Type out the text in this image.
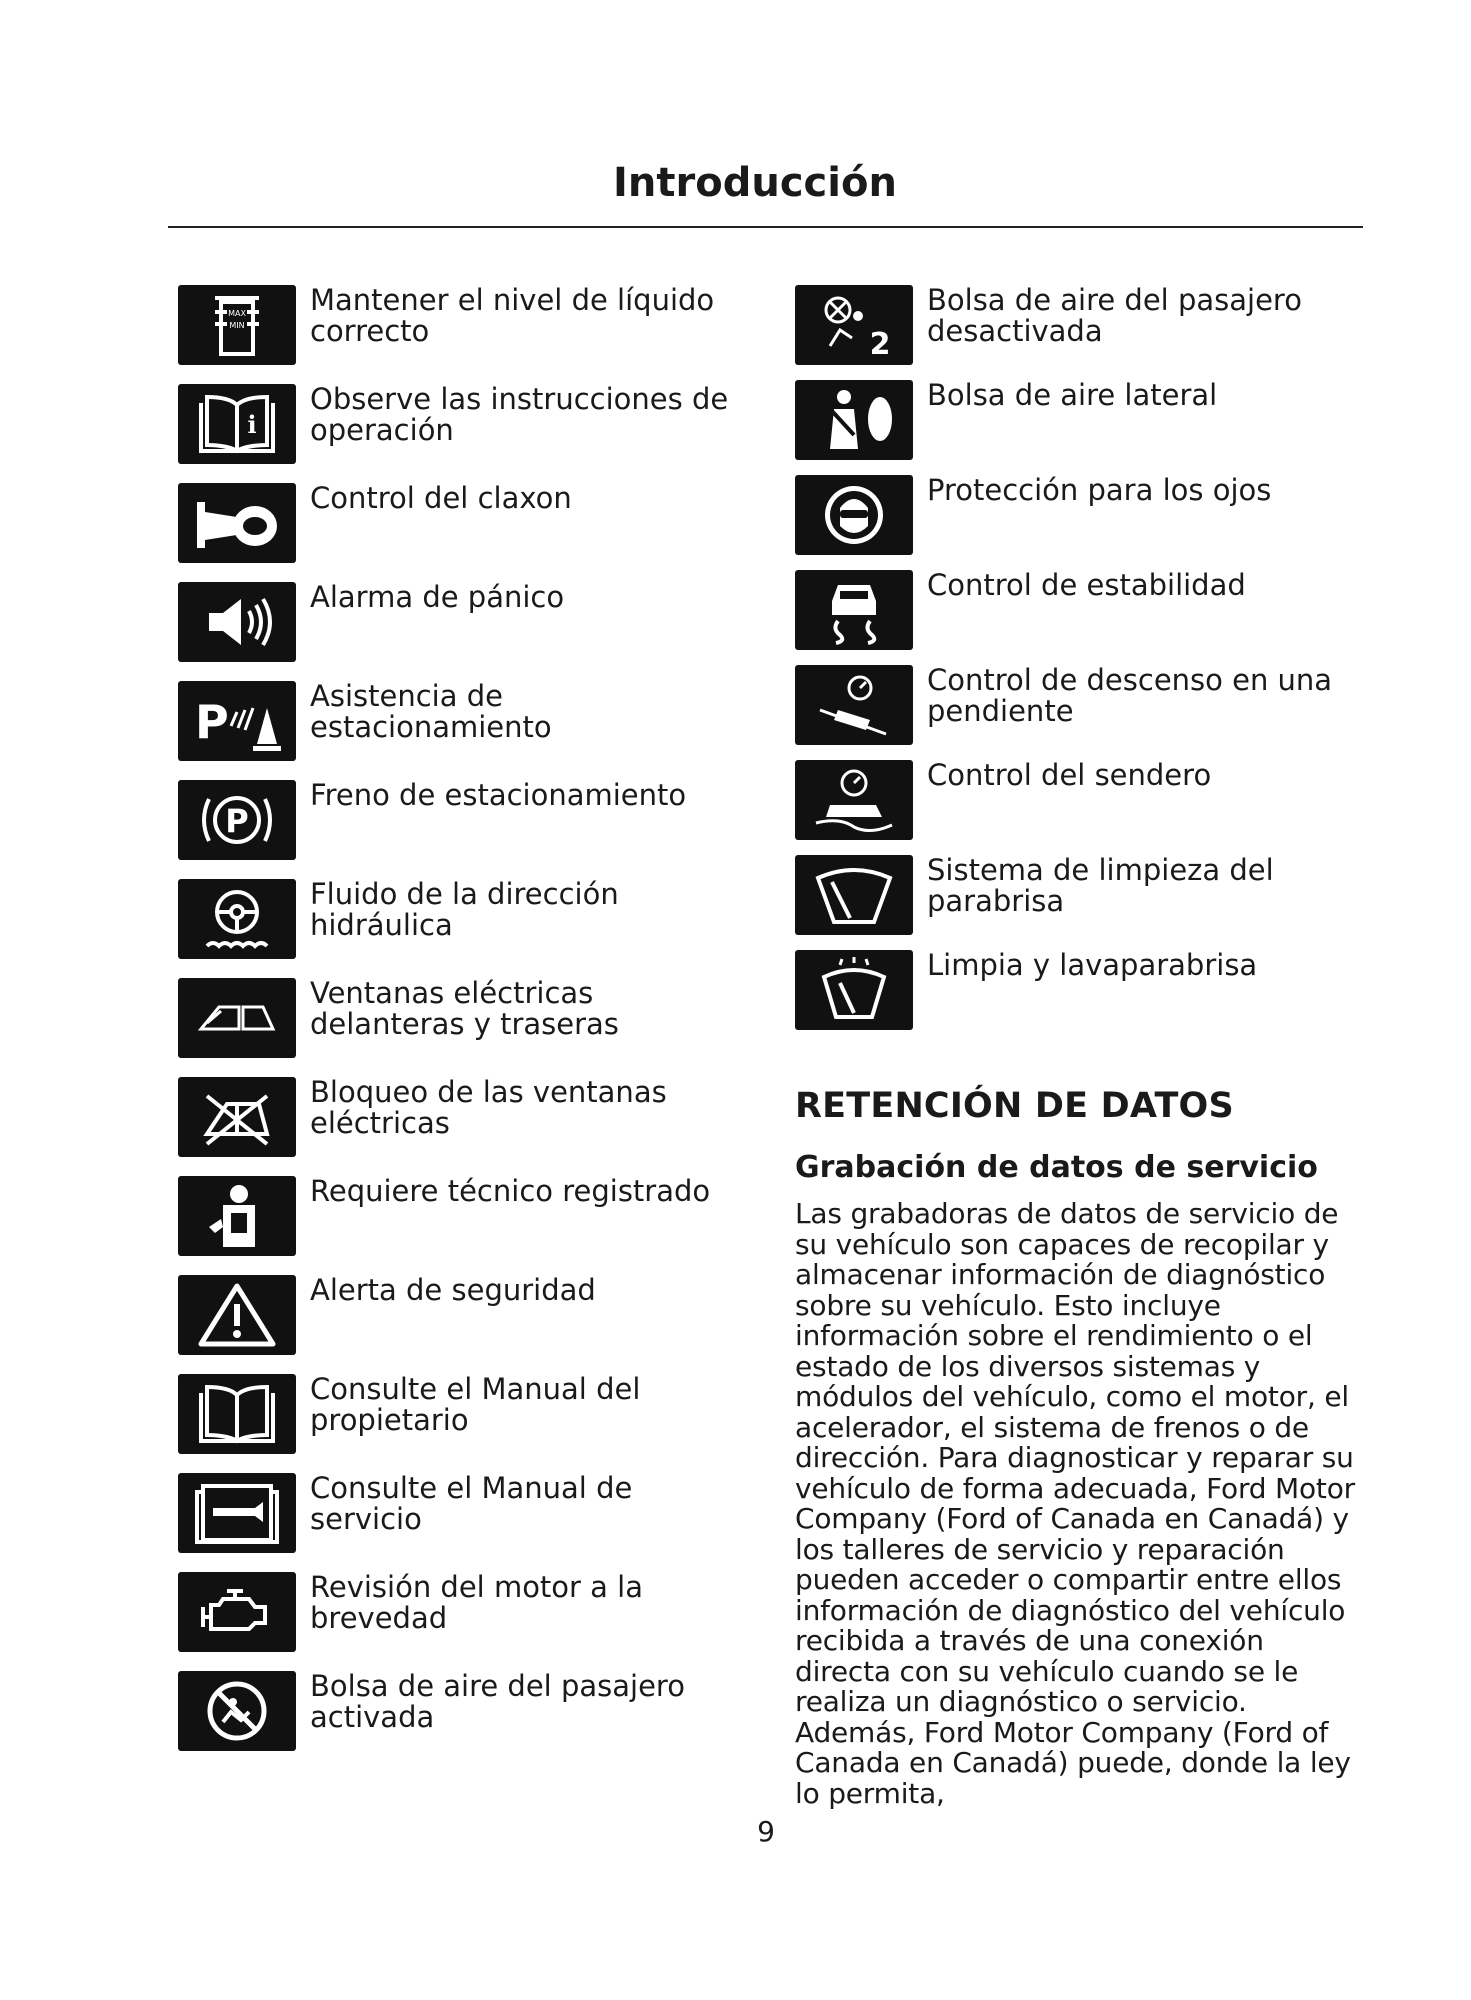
Introducción
MAX
MIN
Mantener el nivel de líquido correcto
i
Observe las instrucciones de operación
Control del claxon
Alarma de pánico
P	Asistencia de estacionamiento
P
Freno de estacionamiento
Fluido de la dirección hidráulica
Ventanas eléctricas delanteras y traseras
Bloqueo de las ventanas eléctricas
Requiere técnico registrado
Alerta de seguridad
Consulte el Manual del propietario
Consulte el Manual de servicio
Revisión del motor a la brevedad
Bolsa de aire del pasajero activada
2
Bolsa de aire del pasajero desactivada
Bolsa de aire lateral
Protección para los ojos
Control de estabilidad
Control de descenso en una pendiente
Control del sendero
Sistema de limpieza del parabrisa
Limpia y lavaparabrisa
RETENCIÓN DE DATOS
Grabación de datos de servicio

Las grabadoras de datos de servicio de su vehículo son capaces de recopilar y almacenar información de diagnóstico sobre su vehículo. Esto incluye información sobre el rendimiento o el estado de los diversos sistemas y módulos del vehículo, como el motor, el acelerador, el sistema de frenos o de dirección. Para diagnosticar y reparar su vehículo de forma adecuada, Ford Motor Company (Ford of Canada en Canadá) y los talleres de servicio y reparación pueden acceder o compartir entre ellos información de diagnóstico del vehículo recibida a través de una conexión directa con su vehículo cuando se le realiza un diagnóstico o servicio. Además, Ford Motor Company (Ford of Canada en Canadá) puede, donde la ley lo permita,

9
